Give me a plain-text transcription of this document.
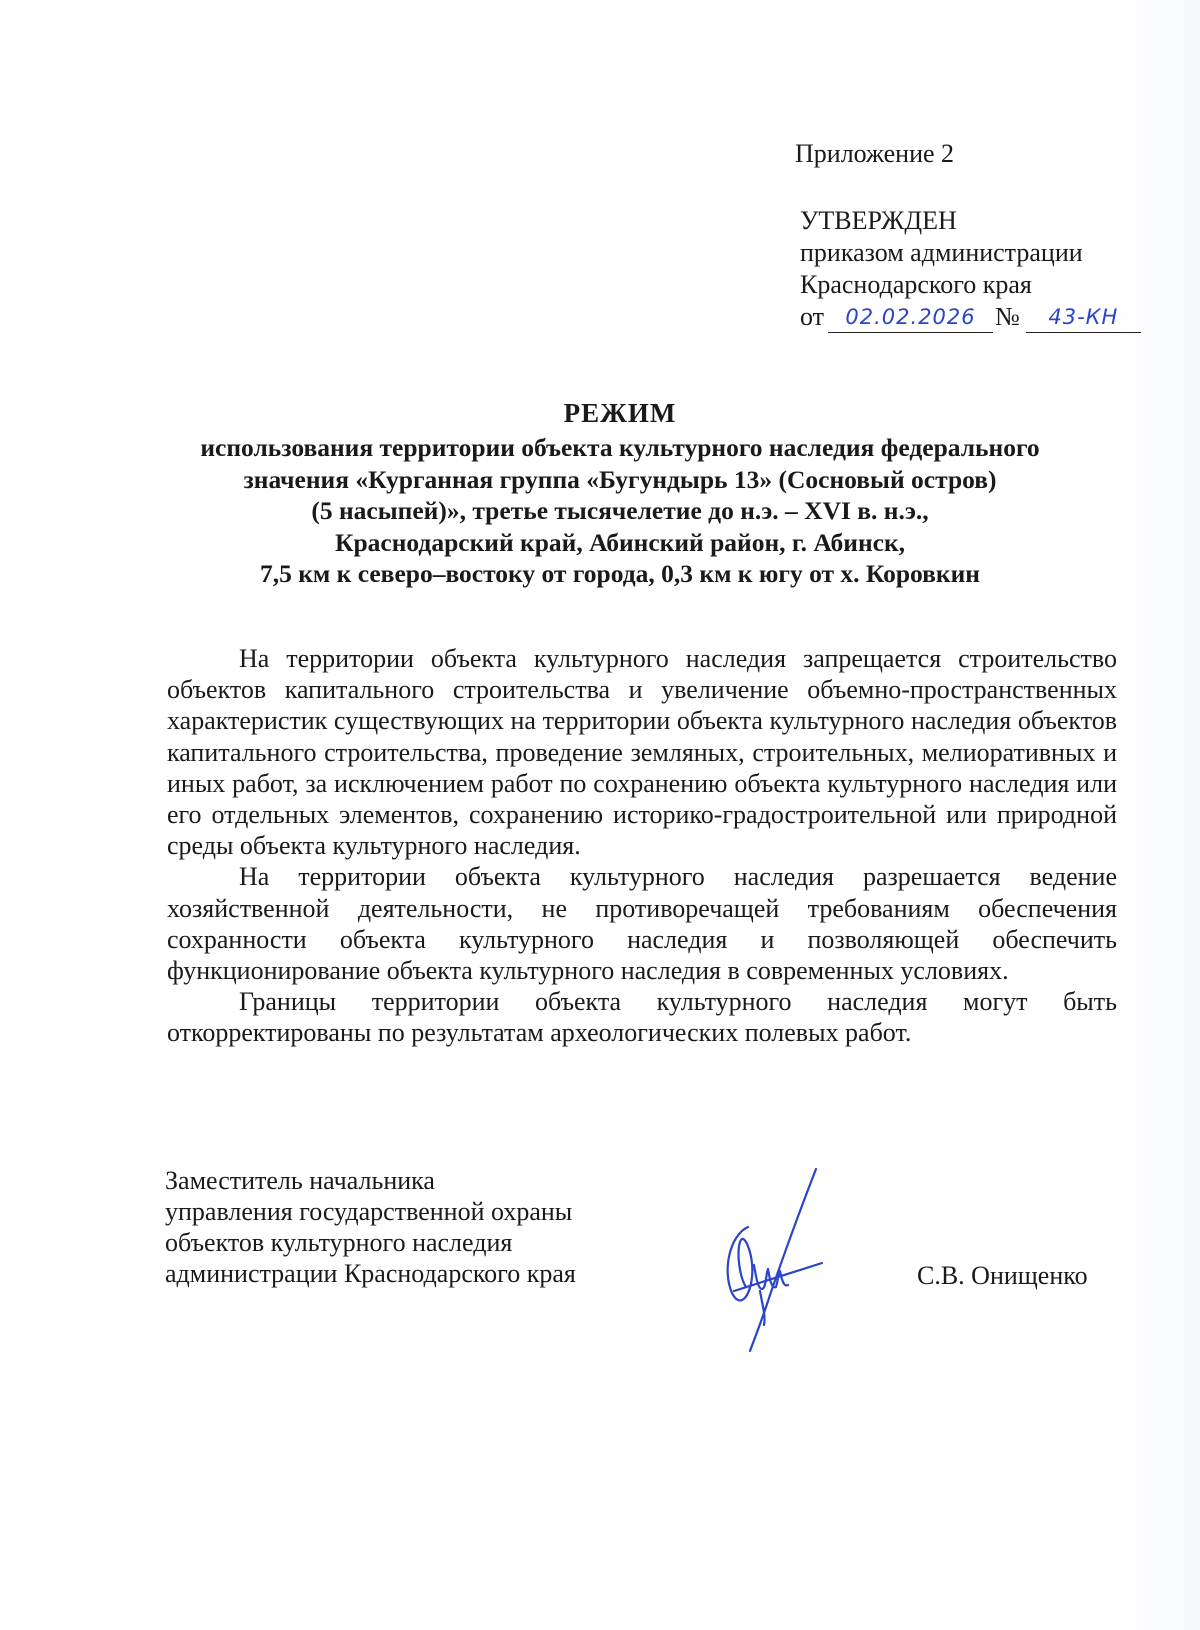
Приложение 2
УТВЕРЖДЕН
приказом администрации
Краснодарского края
от	02.02.2026 №	43-КН
РЕЖИМ
использования территории объекта культурного наследия федерального
значения «Курганная группа «Бугундырь 13» (Сосновый остров)
(5 насыпей)», третье тысячелетие до н.э. – XVI в. н.э.,
Краснодарский край, Абинский район, г. Абинск,
7,5 км к северо–востоку от города, 0,3 км к югу от х. Коровкин

На территории объекта культурного наследия запрещается строительство объектов капитального строительства и увеличение объемно-пространственных характеристик существующих на территории объекта культурного наследия объектов капитального строительства, проведение земляных, строительных, мелиоративных и иных работ, за исключением работ по сохранению объекта культурного наследия или его отдельных элементов, сохранению историко-градостроительной или природной среды объекта культурного наследия.

На территории объекта культурного наследия разрешается ведение хозяйственной деятельности, не противоречащей требованиям обеспечения сохранности объекта культурного наследия и позволяющей обеспечить функционирование объекта культурного наследия в современных условиях.

Границы территории объекта культурного наследия могут быть откорректированы по результатам археологических полевых работ.

Заместитель начальника
управления государственной охраны
объектов культурного наследия
администрации Краснодарского края	С.В. Онищенко
